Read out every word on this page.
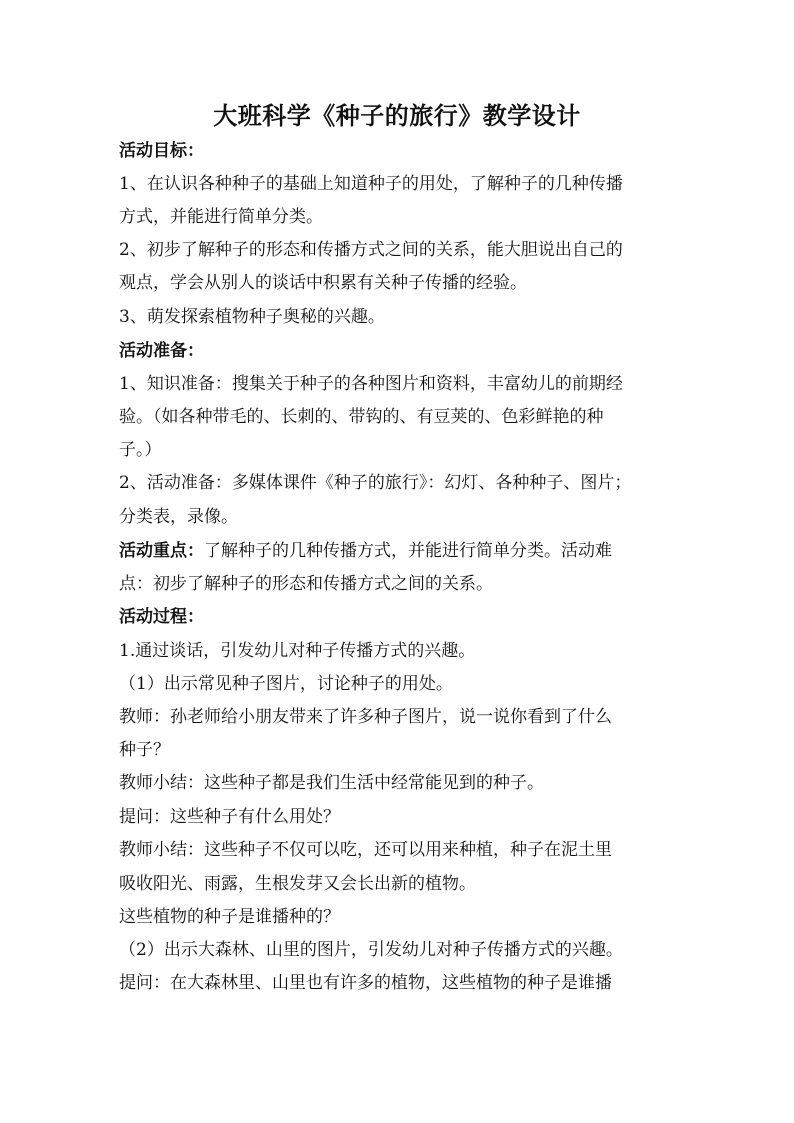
大班科学《种子的旅行》教学设计
活动目标：
1、在认识各种种子的基础上知道种子的用处，了解种子的几种传播
方式，并能进行简单分类。
2、初步了解种子的形态和传播方式之间的关系，能大胆说出自己的
观点，学会从别人的谈话中积累有关种子传播的经验。
3、萌发探索植物种子奥秘的兴趣。
活动准备：
1、知识准备：搜集关于种子的各种图片和资料，丰富幼儿的前期经
验。（如各种带毛的、长刺的、带钩的、有豆荚的、色彩鲜艳的种
子。）
2、活动准备：多媒体课件《种子的旅行》：幻灯、各种种子、图片；
分类表，录像。
活动重点：了解种子的几种传播方式，并能进行简单分类。活动难
点：初步了解种子的形态和传播方式之间的关系。
活动过程：
1.通过谈话，引发幼儿对种子传播方式的兴趣。
（1）出示常见种子图片，讨论种子的用处。
教师：孙老师给小朋友带来了许多种子图片，说一说你看到了什么
种子？
教师小结：这些种子都是我们生活中经常能见到的种子。
提问：这些种子有什么用处？
教师小结：这些种子不仅可以吃，还可以用来种植，种子在泥土里
吸收阳光、雨露，生根发芽又会长出新的植物。
这些植物的种子是谁播种的？
（2）出示大森林、山里的图片，引发幼儿对种子传播方式的兴趣。
提问：在大森林里、山里也有许多的植物，这些植物的种子是谁播
